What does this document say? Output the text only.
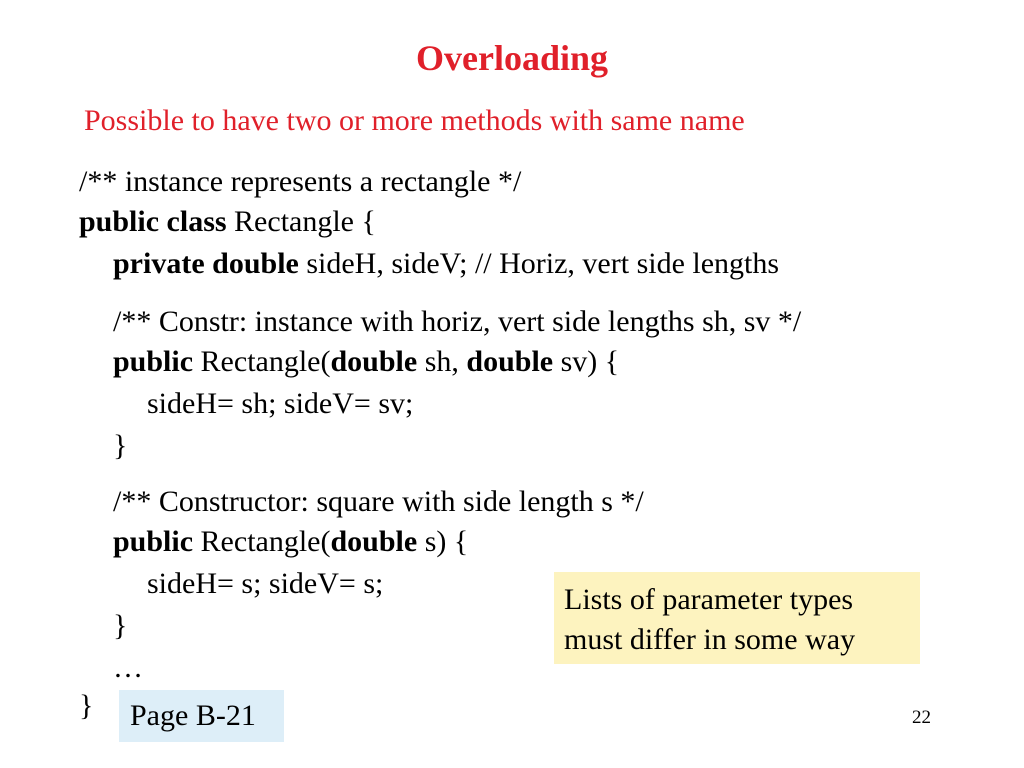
Overloading
Possible to have two or more methods with same name
/** instance represents a rectangle */
public class Rectangle {
private double sideH, sideV; // Horiz, vert side lengths
/** Constr: instance with horiz, vert side lengths sh, sv */
public Rectangle(double sh, double sv) {
sideH= sh; sideV= sv;
}
/** Constructor: square with side length s */
public Rectangle(double s) {
sideH= s; sideV= s;
}
…
}
Lists of parameter types
must differ in some way
Page B-21	22
